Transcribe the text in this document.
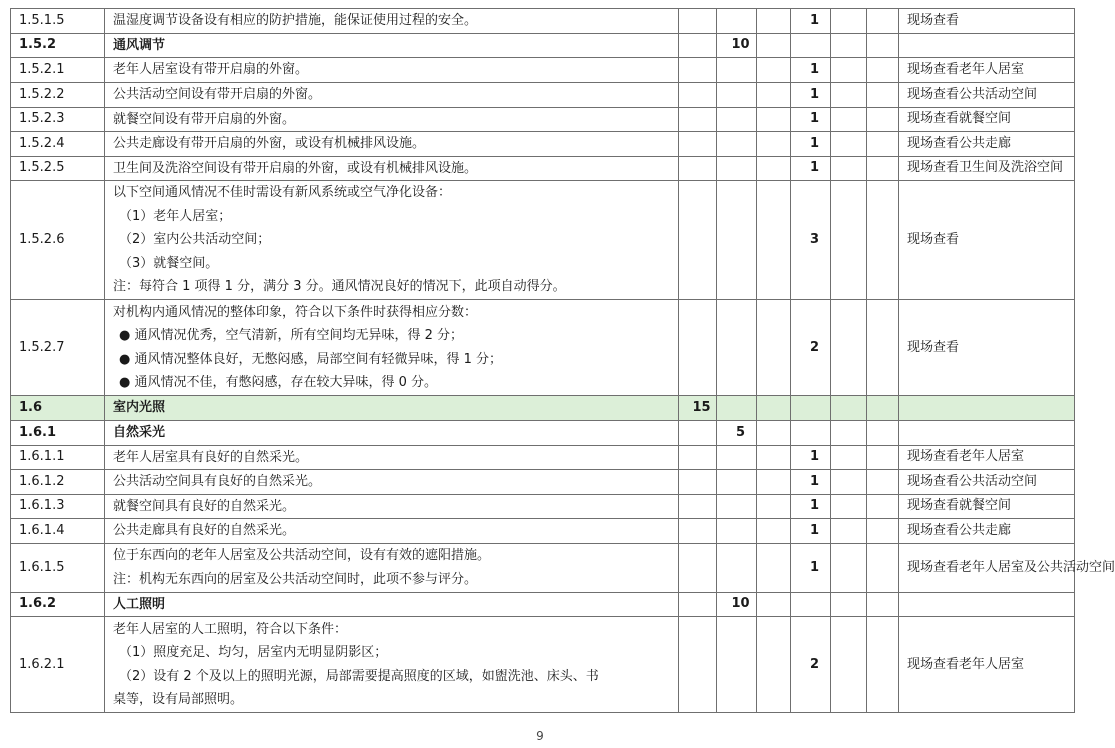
1.5.1.5	温湿度调节设备设有相应的防护措施，能保证使用过程的安全。				1			现场查看
1.5.2	通风调节		10					
1.5.2.1	老年人居室设有带开启扇的外窗。				1			现场查看老年人居室
1.5.2.2	公共活动空间设有带开启扇的外窗。				1			现场查看公共活动空间
1.5.2.3	就餐空间设有带开启扇的外窗。				1			现场查看就餐空间
1.5.2.4	公共走廊设有带开启扇的外窗，或设有机械排风设施。				1			现场查看公共走廊
1.5.2.5	卫生间及洗浴空间设有带开启扇的外窗，或设有机械排风设施。				1			现场查看卫生间及洗浴空间
1.5.2.6	以下空间通风情况不佳时需设有新风系统或空气净化设备：
（1）老年人居室；
（2）室内公共活动空间；
（3）就餐空间。
注：每符合 1 项得 1 分，满分 3 分。通风情况良好的情况下，此项自动得分。				3			现场查看
1.5.2.7	对机构内通风情况的整体印象，符合以下条件时获得相应分数：
● 通风情况优秀，空气清新，所有空间均无异味，得 2 分；
● 通风情况整体良好，无憋闷感，局部空间有轻微异味，得 1 分；
● 通风情况不佳，有憋闷感，存在较大异味，得 0 分。				2			现场查看
1.6	室内光照	15						
1.6.1	自然采光		5					
1.6.1.1	老年人居室具有良好的自然采光。				1			现场查看老年人居室
1.6.1.2	公共活动空间具有良好的自然采光。				1			现场查看公共活动空间
1.6.1.3	就餐空间具有良好的自然采光。				1			现场查看就餐空间
1.6.1.4	公共走廊具有良好的自然采光。				1			现场查看公共走廊
1.6.1.5	位于东西向的老年人居室及公共活动空间，设有有效的遮阳措施。
注：机构无东西向的居室及公共活动空间时，此项不参与评分。				1			现场查看老年人居室及公共活动空间
1.6.2	人工照明		10					
1.6.2.1	老年人居室的人工照明，符合以下条件：
（1）照度充足、均匀，居室内无明显阴影区；
（2）设有 2 个及以上的照明光源，局部需要提高照度的区域，如盥洗池、床头、书
桌等，设有局部照明。				2			现场查看老年人居室
9
